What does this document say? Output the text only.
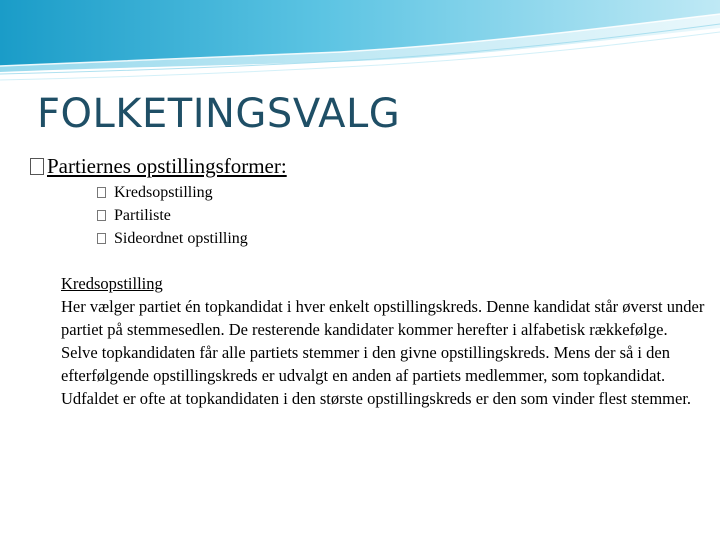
FOLKETINGSVALG
Partiernes opstillingsformer:
Kredsopstilling
Partiliste
Sideordnet opstilling

Kredsopstilling

Her vælger partiet én topkandidat i hver enkelt opstillingskreds. Denne kandidat står øverst under partiet på stemmesedlen. De resterende kandidater kommer herefter i alfabetisk rækkefølge.

Selve topkandidaten får alle partiets stemmer i den givne opstillingskreds. Mens der så i den efterfølgende opstillingskreds er udvalgt en anden af partiets medlemmer, som topkandidat.

Udfaldet er ofte at topkandidaten i den største opstillingskreds er den som vinder flest stemmer.
